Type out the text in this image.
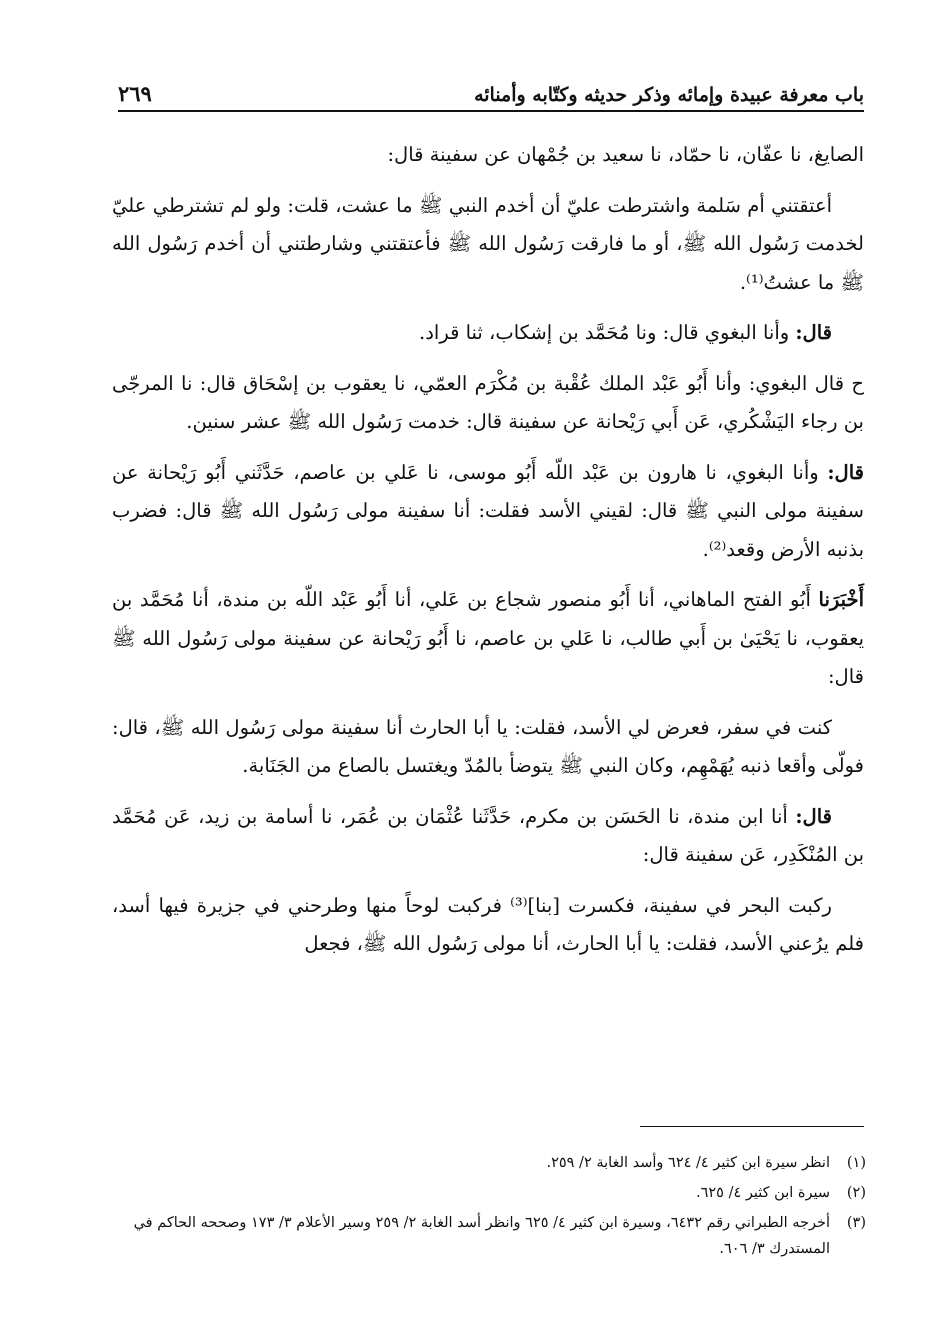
باب معرفة عبيدة وإمائه وذكر حديثه وكتّابه وأمنائه
٢٦٩

الصايغ، نا عفّان، نا حمّاد، نا سعيد بن جُمْهان عن سفينة قال:

أعتقتني أم سَلمة واشترطت عليّ أن أخدم النبي ﷺ ما عشت، قلت: ولو لم تشترطي عليّ لخدمت رَسُول الله ﷺ، أو ما فارقت رَسُول الله ﷺ فأعتقتني وشارطتني أن أخدم رَسُول الله ﷺ ما عشتُ⁽¹⁾.

قال: وأنا البغوي قال: ونا مُحَمَّد بن إشكاب، ثنا قراد.

ح قال البغوي: وأنا أَبُو عَبْد الملك عُقْبة بن مُكْرَم العمّي، نا يعقوب بن إسْحَاق قال: نا المرجّى بن رجاء اليَشْكُري، عَن أَبي رَيْحانة عن سفينة قال: خدمت رَسُول الله ﷺ عشر سنين.

قال: وأنا البغوي، نا هارون بن عَبْد اللّه أَبُو موسى، نا عَلي بن عاصم، حَدَّثَني أَبُو رَيْحانة عن سفينة مولى النبي ﷺ قال: لقيني الأسد فقلت: أنا سفينة مولى رَسُول الله ﷺ قال: فضرب بذنبه الأرض وقعد⁽²⁾.

أَخْبَرَنا أَبُو الفتح الماهاني، أنا أَبُو منصور شجاع بن عَلي، أنا أَبُو عَبْد اللّه بن مندة، أنا مُحَمَّد بن يعقوب، نا يَحْيَىٰ بن أَبي طالب، نا عَلي بن عاصم، نا أَبُو رَيْحانة عن سفينة مولى رَسُول الله ﷺ قال:

كنت في سفر، فعرض لي الأسد، فقلت: يا أبا الحارث أنا سفينة مولى رَسُول الله ﷺ، قال: فولّى وأقعا ذنبه يُهَمْهِم، وكان النبي ﷺ يتوضأ بالمُدّ ويغتسل بالصاع من الجَنَابة.

قال: أنا ابن مندة، نا الحَسَن بن مكرم، حَدَّثَنا عُثْمَان بن عُمَر، نا أسامة بن زيد، عَن مُحَمَّد بن المُنْكَدِر، عَن سفينة قال:

ركبت البحر في سفينة، فكسرت [بنا]⁽³⁾ فركبت لوحاً منها وطرحني في جزيرة فيها أسد، فلم يرُعني الأسد، فقلت: يا أبا الحارث، أنا مولى رَسُول الله ﷺ، فجعل

(١)
انظر سيرة ابن كثير ٤/ ٦٢٤ وأسد الغابة ٢/ ٢٥٩.
(٢)
سيرة ابن كثير ٤/ ٦٢٥.
(٣)
أخرجه الطبراني رقم ٦٤٣٢، وسيرة ابن كثير ٤/ ٦٢٥ وانظر أسد الغابة ٢/ ٢٥٩ وسير الأعلام ٣/ ١٧٣ وصححه الحاكم في المستدرك ٣/ ٦٠٦.
